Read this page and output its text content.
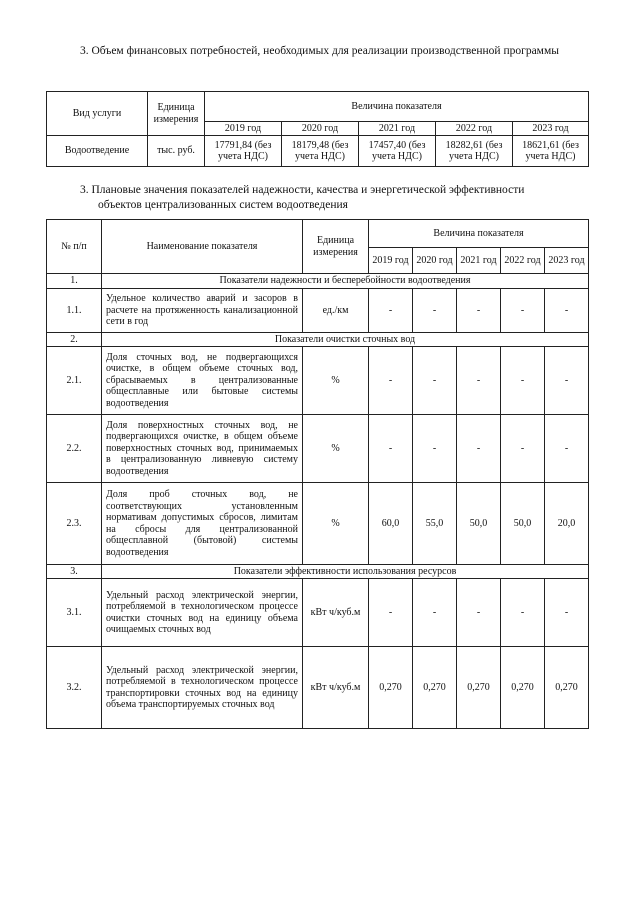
3. Объем финансовых потребностей, необходимых для реализации производственной программы
Вид услуги	Единица измерения	Величина показателя				
		2019 год	2020 год	2021 год	2022 год	2023 год
Водоотведение	тыс. руб.	17791,84 (без учета НДС)	18179,48 (без учета НДС)	17457,40 (без учета НДС)	18282,61 (без учета НДС)	18621,61 (без учета НДС)
3. Плановые значения показателей надежности, качества и энергетической эффективности
объектов централизованных систем водоотведения
№ п/п	Наименование показателя	Единица измерения	Величина показателя				
			2019 год	2020 год	2021 год	2022 год	2023 год
1.	Показатели надежности и бесперебойности водоотведения						
1.1.	Удельное количество аварий и засоров в расчете на протяженность канализационной сети в год	ед./км	-	-	-	-	-
2.	Показатели очистки сточных вод						
2.1.	Доля сточных вод, не подвергающихся очистке, в общем объеме сточных вод, сбрасываемых в централизованные общесплавные или бытовые системы водоотведения	%	-	-	-	-	-
2.2.	Доля поверхностных сточных вод, не подвергающихся очистке, в общем объеме поверхностных сточных вод, принимаемых в централизованную ливневую систему водоотведения	%	-	-	-	-	-
2.3.	Доля проб сточных вод, не соответствующих установленным нормативам допустимых сбросов, лимитам на сбросы для централизованной общесплавной (бытовой) системы водоотведения	%	60,0	55,0	50,0	50,0	20,0
3.	Показатели эффективности использования ресурсов						
3.1.	Удельный расход электрической энергии, потребляемой в технологическом процессе очистки сточных вод на единицу объема очищаемых сточных вод	кВт ч/куб.м	-	-	-	-	-
3.2.	Удельный расход электрической энергии, потребляемой в технологическом процессе транспортировки сточных вод на единицу объема транспортируемых сточных вод	кВт ч/куб.м	0,270	0,270	0,270	0,270	0,270
